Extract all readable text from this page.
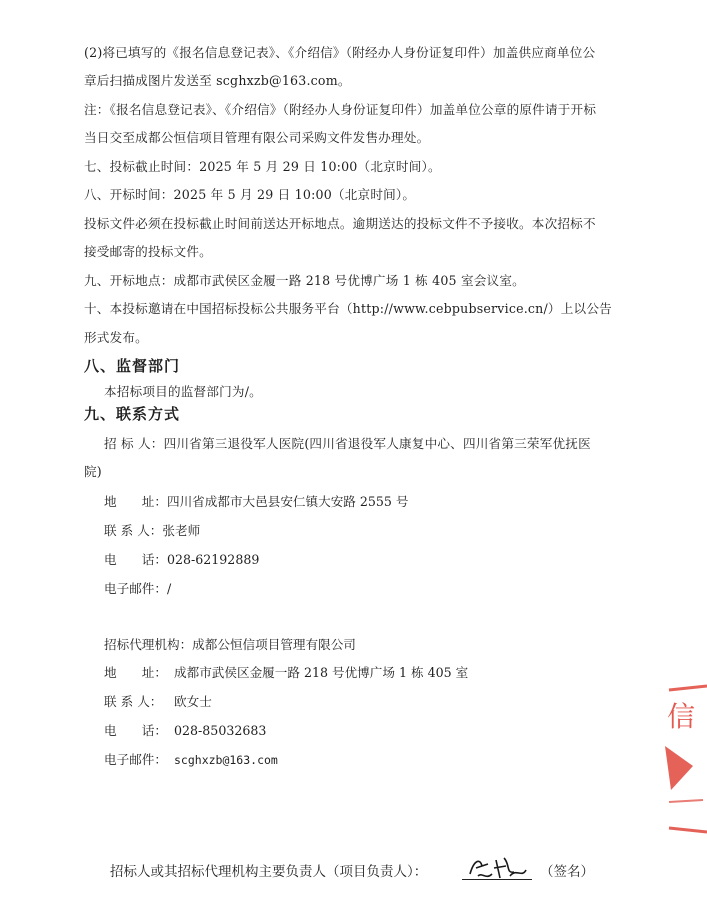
(2)将已填写的《报名信息登记表》、《介绍信》（附经办人身份证复印件）加盖供应商单位公
章后扫描成图片发送至 scghxzb@163.com。
注：《报名信息登记表》、《介绍信》（附经办人身份证复印件）加盖单位公章的原件请于开标
当日交至成都公恒信项目管理有限公司采购文件发售办理处。
七、投标截止时间：2025 年 5 月 29 日 10:00（北京时间）。
八、开标时间：2025 年 5 月 29 日 10:00（北京时间）。
投标文件必须在投标截止时间前送达开标地点。逾期送达的投标文件不予接收。本次招标不
接受邮寄的投标文件。
九、开标地点：成都市武侯区金履一路 218 号优博广场 1 栋 405 室会议室。
十、本投标邀请在中国招标投标公共服务平台（http://www.cebpubservice.cn/）上以公告
形式发布。
八、监督部门
本招标项目的监督部门为/。
九、联系方式
招 标 人：四川省第三退役军人医院(四川省退役军人康复中心、四川省第三荣军优抚医
院)
地　　址：四川省成都市大邑县安仁镇大安路 2555 号
联 系 人：张老师
电　　话：028-62192889
电子邮件：/
招标代理机构：成都公恒信项目管理有限公司
地　　址： 成都市武侯区金履一路 218 号优博广场 1 栋 405 室
联 系 人： 欧女士
电　　话： 028-85032683
电子邮件： scghxzb@163.com
信
招标人或其招标代理机构主要负责人（项目负责人）：	（签名）
